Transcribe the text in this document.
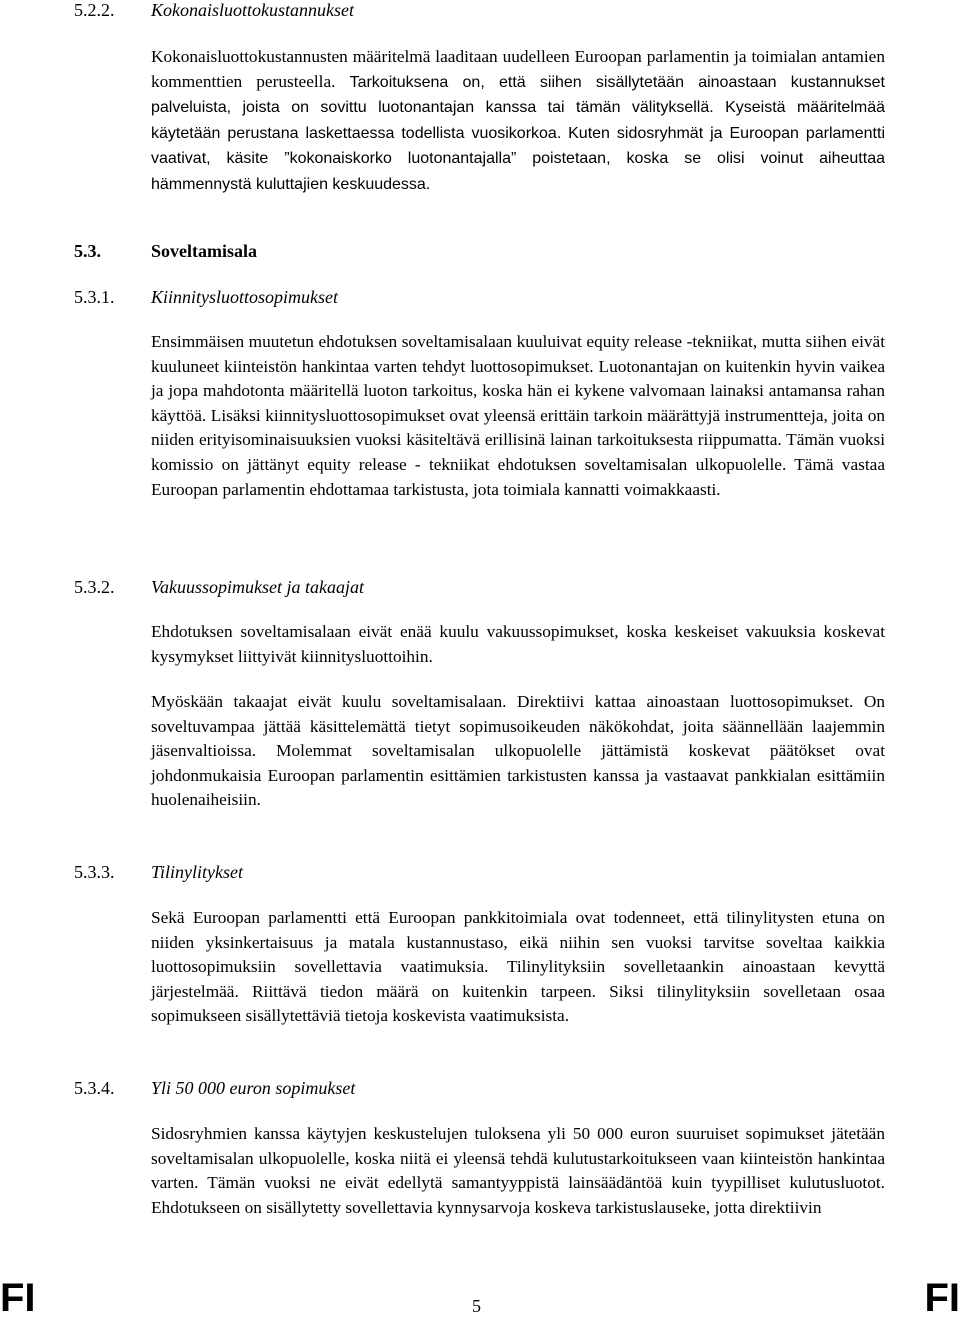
5.2.2. Kokonaisluottokustannukset

Kokonaisluottokustannusten määritelmä laaditaan uudelleen Euroopan parlamentin ja toimialan antamien kommenttien perusteella. Tarkoituksena on, että siihen sisällytetään ainoastaan kustannukset palveluista, joista on sovittu luotonantajan kanssa tai tämän välityksellä. Kyseistä määritelmää käytetään perustana laskettaessa todellista vuosikorkoa. Kuten sidosryhmät ja Euroopan parlamentti vaativat, käsite ”kokonaiskorko luotonantajalla” poistetaan, koska se olisi voinut aiheuttaa hämmennystä kuluttajien keskuudessa.

5.3.	Soveltamisala
5.3.1. Kiinnitysluottosopimukset

Ensimmäisen muutetun ehdotuksen soveltamisalaan kuuluivat equity release -tekniikat, mutta siihen eivät kuuluneet kiinteistön hankintaa varten tehdyt luottosopimukset. Luotonantajan on kuitenkin hyvin vaikea ja jopa mahdotonta määritellä luoton tarkoitus, koska hän ei kykene valvomaan lainaksi antamansa rahan käyttöä. Lisäksi kiinnitysluottosopimukset ovat yleensä erittäin tarkoin määrättyjä instrumentteja, joita on niiden erityisominaisuuksien vuoksi käsiteltävä erillisinä lainan tarkoituksesta riippumatta. Tämän vuoksi komissio on jättänyt equity release - tekniikat ehdotuksen soveltamisalan ulkopuolelle. Tämä vastaa Euroopan parlamentin ehdottamaa tarkistusta, jota toimiala kannatti voimakkaasti.

5.3.2. Vakuussopimukset ja takaajat

Ehdotuksen soveltamisalaan eivät enää kuulu vakuussopimukset, koska keskeiset vakuuksia koskevat kysymykset liittyivät kiinnitysluottoihin.

Myöskään takaajat eivät kuulu soveltamisalaan. Direktiivi kattaa ainoastaan luottosopimukset. On soveltuvampaa jättää käsittelemättä tietyt sopimusoikeuden näkökohdat, joita säännellään laajemmin jäsenvaltioissa. Molemmat soveltamisalan ulkopuolelle jättämistä koskevat päätökset ovat johdonmukaisia Euroopan parlamentin esittämien tarkistusten kanssa ja vastaavat pankkialan esittämiin huolenaiheisiin.

5.3.3. Tilinylitykset

Sekä Euroopan parlamentti että Euroopan pankkitoimiala ovat todenneet, että tilinylitysten etuna on niiden yksinkertaisuus ja matala kustannustaso, eikä niihin sen vuoksi tarvitse soveltaa kaikkia luottosopimuksiin sovellettavia vaatimuksia. Tilinylityksiin sovelletaankin ainoastaan kevyttä järjestelmää. Riittävä tiedon määrä on kuitenkin tarpeen. Siksi tilinylityksiin sovelletaan osaa sopimukseen sisällytettäviä tietoja koskevista vaatimuksista.

5.3.4. Yli 50 000 euron sopimukset

Sidosryhmien kanssa käytyjen keskustelujen tuloksena yli 50 000 euron suuruiset sopimukset jätetään soveltamisalan ulkopuolelle, koska niitä ei yleensä tehdä kulutustarkoitukseen vaan kiinteistön hankintaa varten. Tämän vuoksi ne eivät edellytä samantyyppistä lainsäädäntöä kuin tyypilliset kulutusluotot. Ehdotukseen on sisällytetty sovellettavia kynnysarvoja koskeva tarkistuslauseke, jotta direktiivin

FI	5	FI
